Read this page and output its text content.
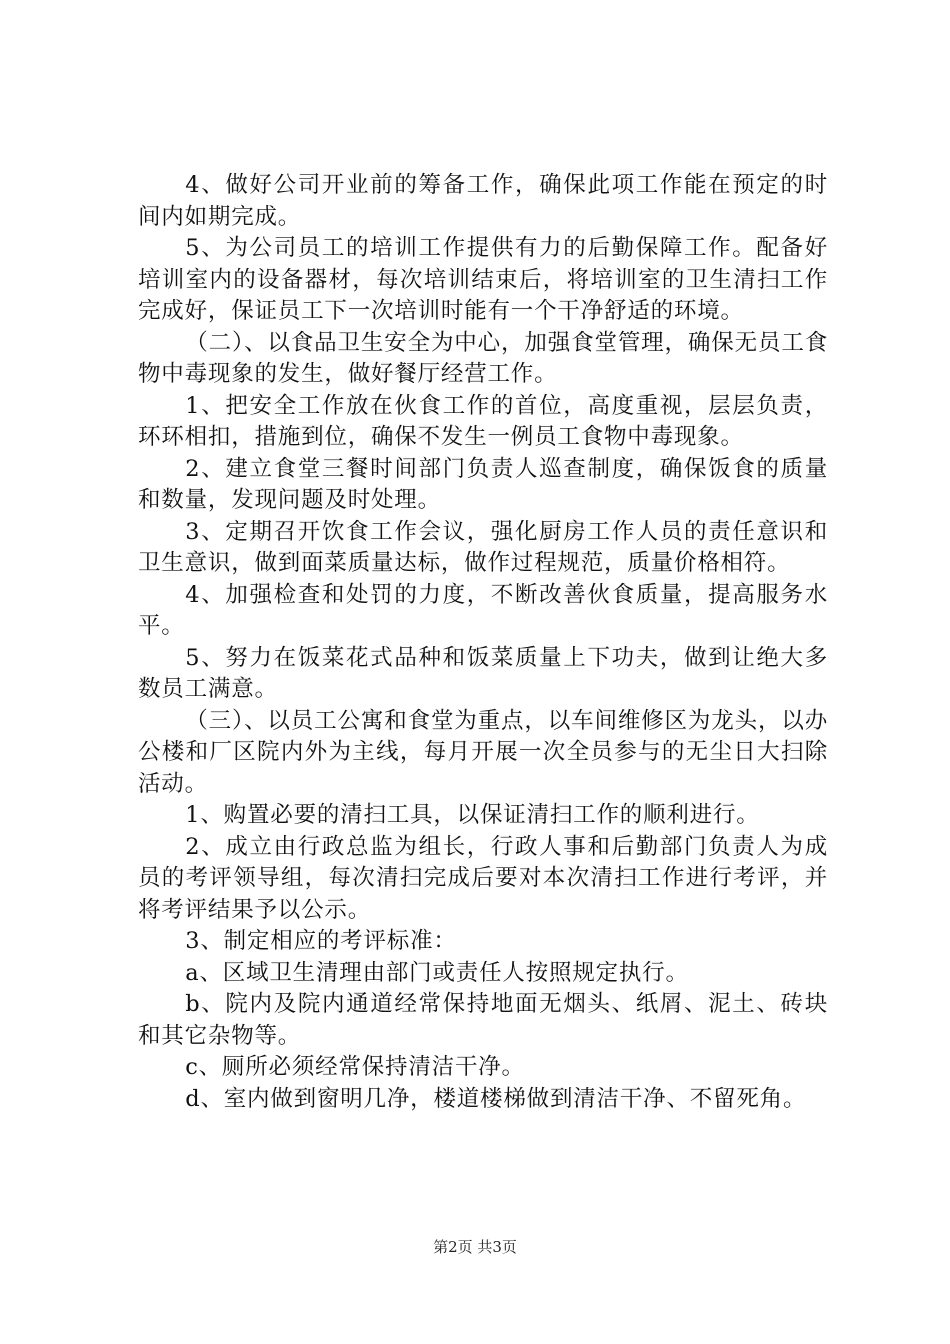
4、做好公司开业前的筹备工作，确保此项工作能在预定的时间内如期完成。

5、为公司员工的培训工作提供有力的后勤保障工作。配备好培训室内的设备器材，每次培训结束后，将培训室的卫生清扫工作完成好，保证员工下一次培训时能有一个干净舒适的环境。

（二）、以食品卫生安全为中心，加强食堂管理，确保无员工食物中毒现象的发生，做好餐厅经营工作。

1、把安全工作放在伙食工作的首位，高度重视，层层负责，环环相扣，措施到位，确保不发生一例员工食物中毒现象。

2、建立食堂三餐时间部门负责人巡查制度，确保饭食的质量和数量，发现问题及时处理。

3、定期召开饮食工作会议，强化厨房工作人员的责任意识和卫生意识，做到面菜质量达标，做作过程规范，质量价格相符。

4、加强检查和处罚的力度，不断改善伙食质量，提高服务水平。

5、努力在饭菜花式品种和饭菜质量上下功夫，做到让绝大多数员工满意。

（三）、以员工公寓和食堂为重点，以车间维修区为龙头，以办公楼和厂区院内外为主线，每月开展一次全员参与的无尘日大扫除活动。

1、购置必要的清扫工具，以保证清扫工作的顺利进行。

2、成立由行政总监为组长，行政人事和后勤部门负责人为成员的考评领导组，每次清扫完成后要对本次清扫工作进行考评，并将考评结果予以公示。

3、制定相应的考评标准：

a、区域卫生清理由部门或责任人按照规定执行。

b、院内及院内通道经常保持地面无烟头、纸屑、泥土、砖块和其它杂物等。

c、厕所必须经常保持清洁干净。

d、室内做到窗明几净，楼道楼梯做到清洁干净、不留死角。

第2页 共3页
